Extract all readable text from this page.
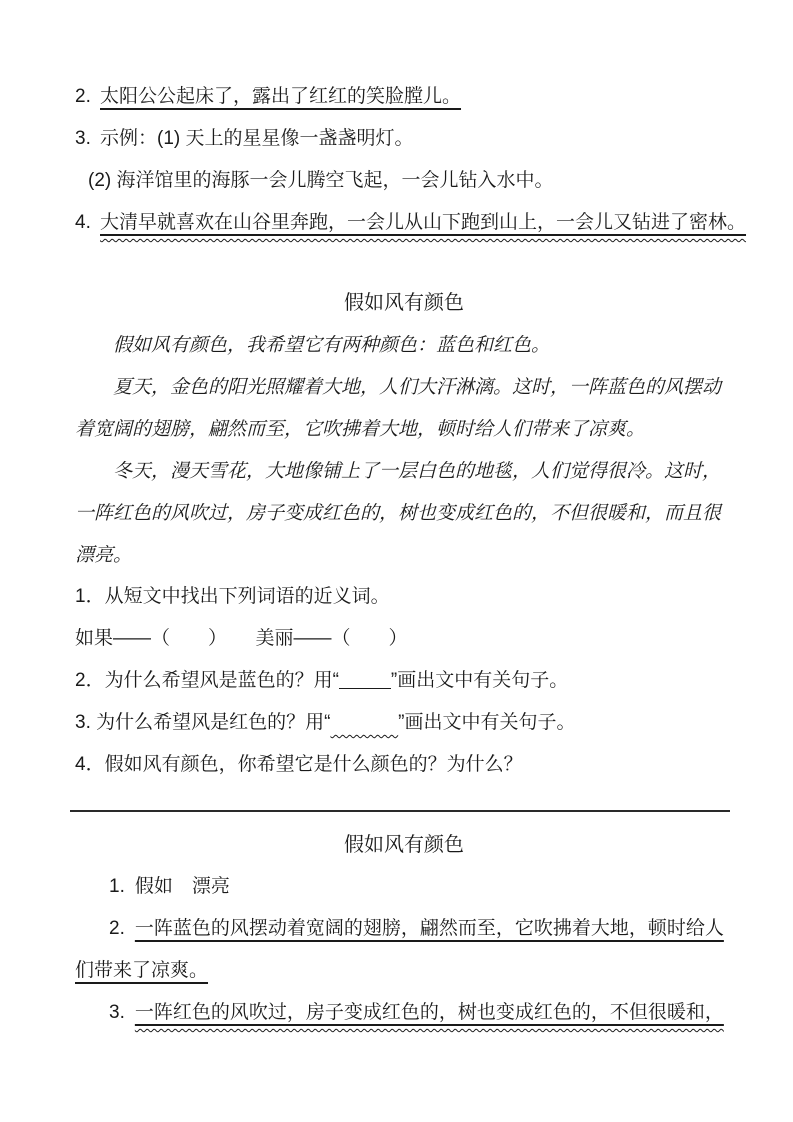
2. 太阳公公起床了，露出了红红的笑脸膛儿。
3. 示例：(1) 天上的星星像一盏盏明灯。
(2) 海洋馆里的海豚一会儿腾空飞起，一会儿钻入水中。
4. 大清早就喜欢在山谷里奔跑，一会儿从山下跑到山上，一会儿又钻进了密林。
假如风有颜色
假如风有颜色，我希望它有两种颜色：蓝色和红色。
夏天，金色的阳光照耀着大地，人们大汗淋漓。这时，一阵蓝色的风摆动
着宽阔的翅膀，翩然而至，它吹拂着大地，顿时给人们带来了凉爽。
冬天，漫天雪花，大地像铺上了一层白色的地毯，人们觉得很冷。这时，
一阵红色的风吹过，房子变成红色的，树也变成红色的，不但很暖和，而且很
漂亮。
1．从短文中找出下列词语的近义词。
如果——（　　）　　美丽——（　　）
2．为什么希望风是蓝色的？用“	”画出文中有关句子。
3. 为什么希望风是红色的？用“	”画出文中有关句子。
4．假如风有颜色，你希望它是什么颜色的？为什么？
假如风有颜色
1. 假如　漂亮
2. 一阵蓝色的风摆动着宽阔的翅膀，翩然而至，它吹拂着大地，顿时给人
们带来了凉爽。
3. 一阵红色的风吹过，房子变成红色的，树也变成红色的，不但很暖和，
